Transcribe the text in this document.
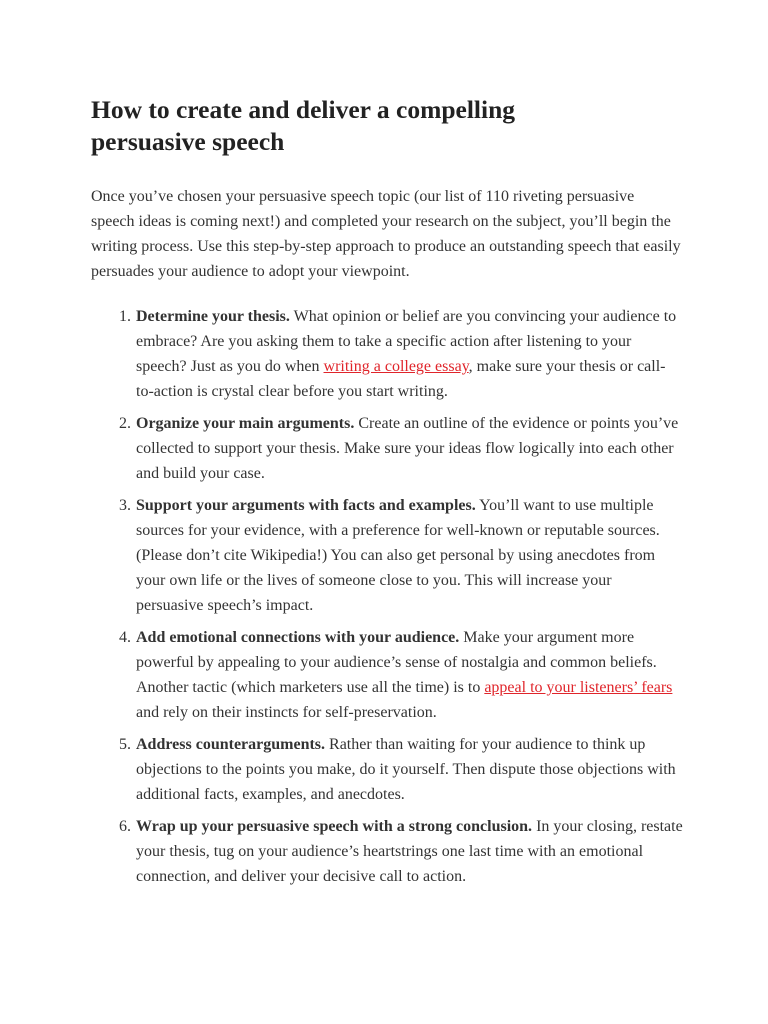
How to create and deliver a compelling persuasive speech

Once you’ve chosen your persuasive speech topic (our list of 110 riveting persuasive speech ideas is coming next!) and completed your research on the subject, you’ll begin the writing process. Use this step-by-step approach to produce an outstanding speech that easily persuades your audience to adopt your viewpoint.

1. Determine your thesis. What opinion or belief are you convincing your audience to embrace? Are you asking them to take a specific action after listening to your speech? Just as you do when writing a college essay, make sure your thesis or call-to-action is crystal clear before you start writing.
2. Organize your main arguments. Create an outline of the evidence or points you’ve collected to support your thesis. Make sure your ideas flow logically into each other and build your case.
3. Support your arguments with facts and examples. You’ll want to use multiple sources for your evidence, with a preference for well-known or reputable sources. (Please don’t cite Wikipedia!) You can also get personal by using anecdotes from your own life or the lives of someone close to you. This will increase your persuasive speech’s impact.
4. Add emotional connections with your audience. Make your argument more powerful by appealing to your audience’s sense of nostalgia and common beliefs. Another tactic (which marketers use all the time) is to appeal to your listeners’ fears and rely on their instincts for self-preservation.
5. Address counterarguments. Rather than waiting for your audience to think up objections to the points you make, do it yourself. Then dispute those objections with additional facts, examples, and anecdotes.
6. Wrap up your persuasive speech with a strong conclusion. In your closing, restate your thesis, tug on your audience’s heartstrings one last time with an emotional connection, and deliver your decisive call to action.
